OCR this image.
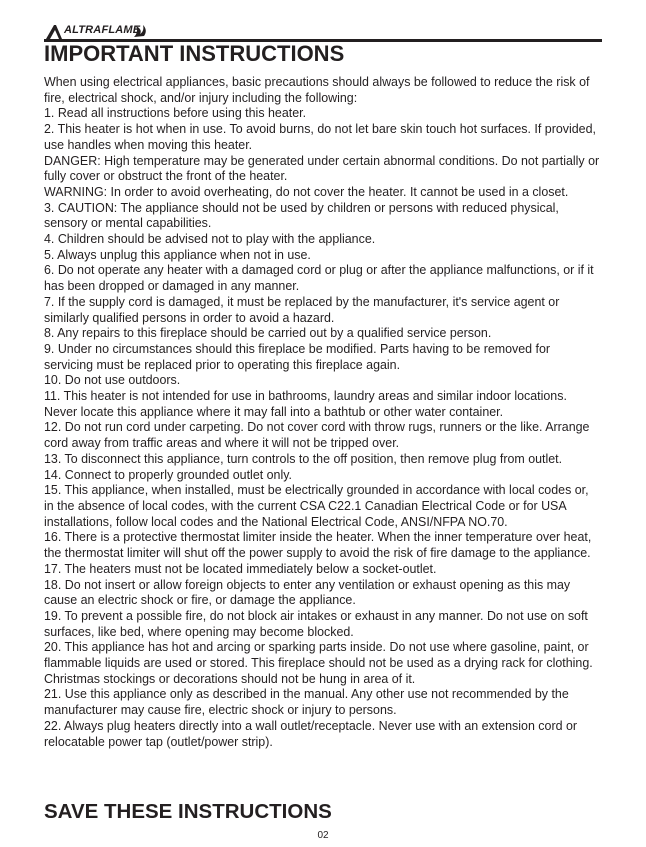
ALTRAFLAME
IMPORTANT INSTRUCTIONS

When using electrical appliances, basic precautions should always be followed to reduce the risk of fire, electrical shock, and/or injury including the following:

1. Read all instructions before using this heater.

2. This heater is hot when in use. To avoid burns, do not let bare skin touch hot surfaces. If provided, use handles when moving this heater.

DANGER: High temperature may be generated under certain abnormal conditions. Do not partially or fully cover or obstruct the front of the heater.

WARNING: In order to avoid overheating, do not cover the heater. It cannot be used in a closet.

3. CAUTION: The appliance should not be used by children or persons with reduced physical, sensory or mental capabilities.

4. Children should be advised not to play with the appliance.

5. Always unplug this appliance when not in use.

6. Do not operate any heater with a damaged cord or plug or after the appliance malfunctions, or if it has been dropped or damaged in any manner.

7. If the supply cord is damaged, it must be replaced by the manufacturer, it's service agent or similarly qualified persons in order to avoid a hazard.

8. Any repairs to this fireplace should be carried out by a qualified service person.

9. Under no circumstances should this fireplace be modified. Parts having to be removed for servicing must be replaced prior to operating this fireplace again.

10. Do not use outdoors.

11. This heater is not intended for use in bathrooms, laundry areas and similar indoor locations. Never locate this appliance where it may fall into a bathtub or other water container.

12. Do not run cord under carpeting. Do not cover cord with throw rugs, runners or the like. Arrange cord away from traffic areas and where it will not be tripped over.

13. To disconnect this appliance, turn controls to the off position, then remove plug from outlet.

14. Connect to properly grounded outlet only.

15. This appliance, when installed, must be electrically grounded in accordance with local codes or, in the absence of local codes, with the current CSA C22.1 Canadian Electrical Code or for USA installations, follow local codes and the National Electrical Code, ANSI/NFPA NO.70.

16. There is a protective thermostat limiter inside the heater. When the inner temperature over heat, the thermostat limiter will shut off the power supply to avoid the risk of fire damage to the appliance.

17. The heaters must not be located immediately below a socket-outlet.

18. Do not insert or allow foreign objects to enter any ventilation or exhaust opening as this may cause an electric shock or fire, or damage the appliance.

19. To prevent a possible fire, do not block air intakes or exhaust in any manner. Do not use on soft surfaces, like bed, where opening may become blocked.

20. This appliance has hot and arcing or sparking parts inside. Do not use where gasoline, paint, or flammable liquids are used or stored. This fireplace should not be used as a drying rack for clothing. Christmas stockings or decorations should not be hung in area of it.

21. Use this appliance only as described in the manual. Any other use not recommended by the manufacturer may cause fire, electric shock or injury to persons.

22. Always plug heaters directly into a wall outlet/receptacle. Never use with an extension cord or relocatable power tap (outlet/power strip).

SAVE THESE INSTRUCTIONS
02
